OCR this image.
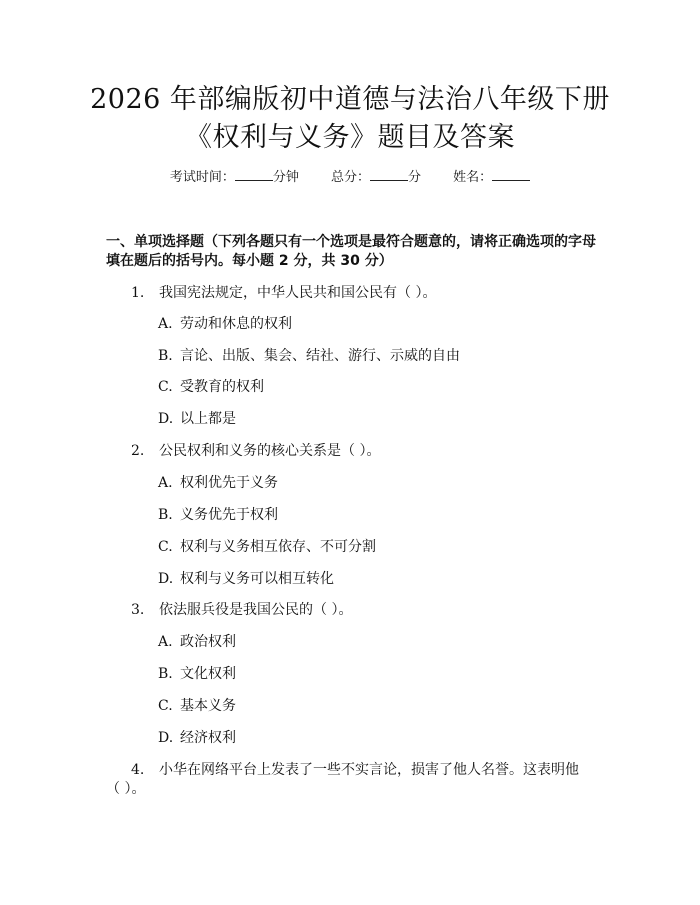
2026 年部编版初中道德与法治八年级下册
《权利与义务》题目及答案
考试时间：	分钟 总分：	分 姓名：
一、单项选择题（下列各题只有一个选项是最符合题意的，请将正确选项的字母
填在题后的括号内。每小题 2 分，共 30 分）
1. 我国宪法规定，中华人民共和国公民有（ ）。
A. 劳动和休息的权利
B. 言论、出版、集会、结社、游行、示威的自由
C. 受教育的权利
D. 以上都是
2. 公民权利和义务的核心关系是（ ）。
A. 权利优先于义务
B. 义务优先于权利
C. 权利与义务相互依存、不可分割
D. 权利与义务可以相互转化
3. 依法服兵役是我国公民的（ ）。
A. 政治权利
B. 文化权利
C. 基本义务
D. 经济权利
4. 小华在网络平台上发表了一些不实言论，损害了他人名誉。这表明他
（ ）。
